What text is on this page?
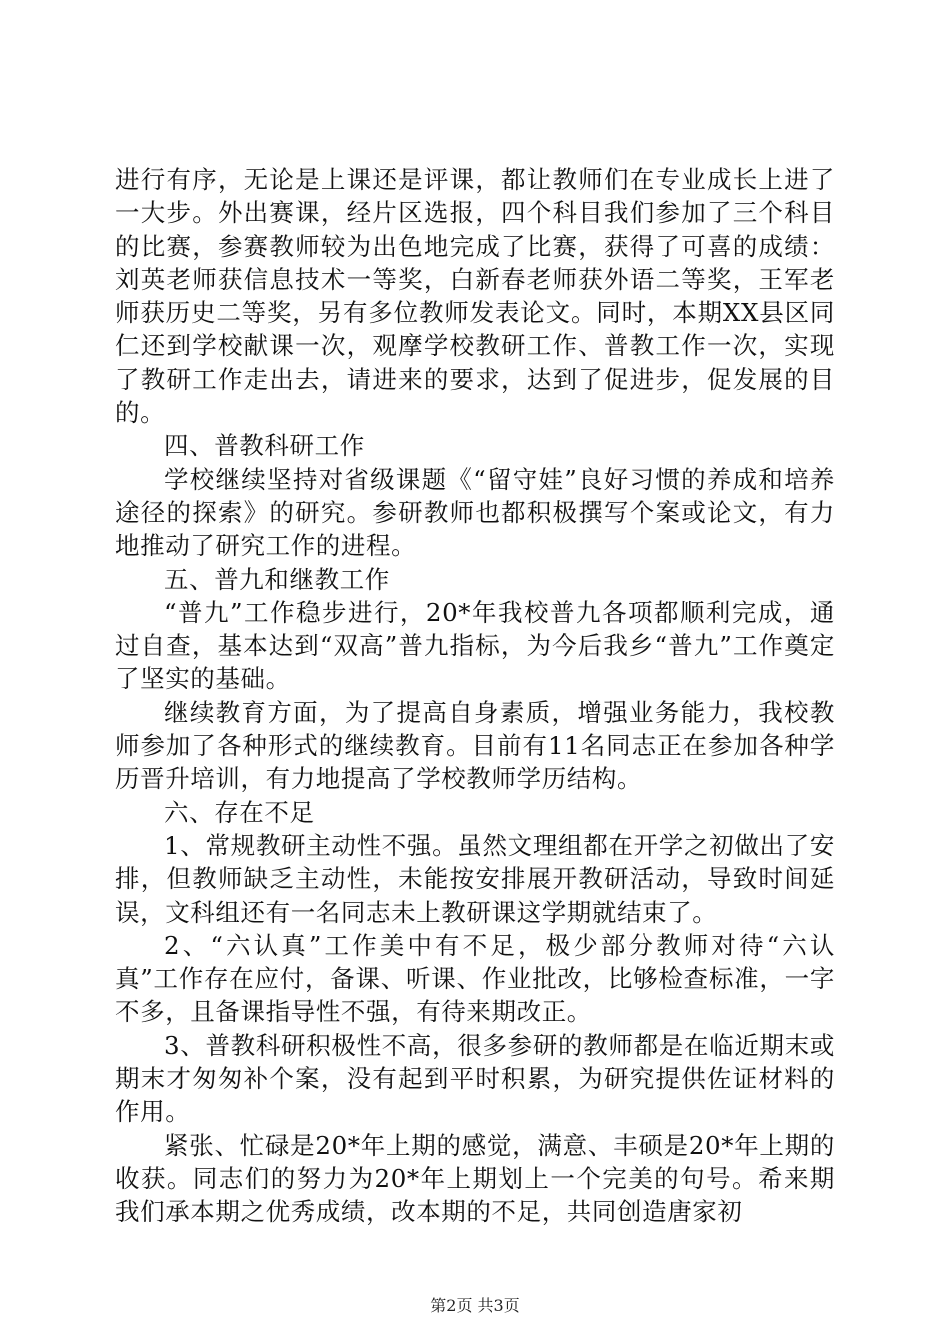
进行有序，无论是上课还是评课，都让教师们在专业成长上进了一大步。外出赛课，经片区选报，四个科目我们参加了三个科目的比赛，参赛教师较为出色地完成了比赛，获得了可喜的成绩：刘英老师获信息技术一等奖，白新春老师获外语二等奖，王军老师获历史二等奖，另有多位教师发表论文。同时，本期XX县区同仁还到学校献课一次，观摩学校教研工作、普教工作一次，实现了教研工作走出去，请进来的要求，达到了促进步，促发展的目的。

四、普教科研工作

学校继续坚持对省级课题《“留守娃”良好习惯的养成和培养途径的探索》的研究。参研教师也都积极撰写个案或论文，有力地推动了研究工作的进程。

五、普九和继教工作

“普九”工作稳步进行，20*年我校普九各项都顺利完成，通过自查，基本达到“双高”普九指标，为今后我乡“普九”工作奠定了坚实的基础。

继续教育方面，为了提高自身素质，增强业务能力，我校教师参加了各种形式的继续教育。目前有11名同志正在参加各种学历晋升培训，有力地提高了学校教师学历结构。

六、存在不足

1、常规教研主动性不强。虽然文理组都在开学之初做出了安排，但教师缺乏主动性，未能按安排展开教研活动，导致时间延误，文科组还有一名同志未上教研课这学期就结束了。

2、“六认真”工作美中有不足，极少部分教师对待“六认真”工作存在应付，备课、听课、作业批改，比够检查标准，一字不多，且备课指导性不强，有待来期改正。

3、普教科研积极性不高，很多参研的教师都是在临近期末或期末才匆匆补个案，没有起到平时积累，为研究提供佐证材料的作用。

紧张、忙碌是20*年上期的感觉，满意、丰硕是20*年上期的收获。同志们的努力为20*年上期划上一个完美的句号。希来期我们承本期之优秀成绩，改本期的不足，共同创造唐家初

第2页 共3页
